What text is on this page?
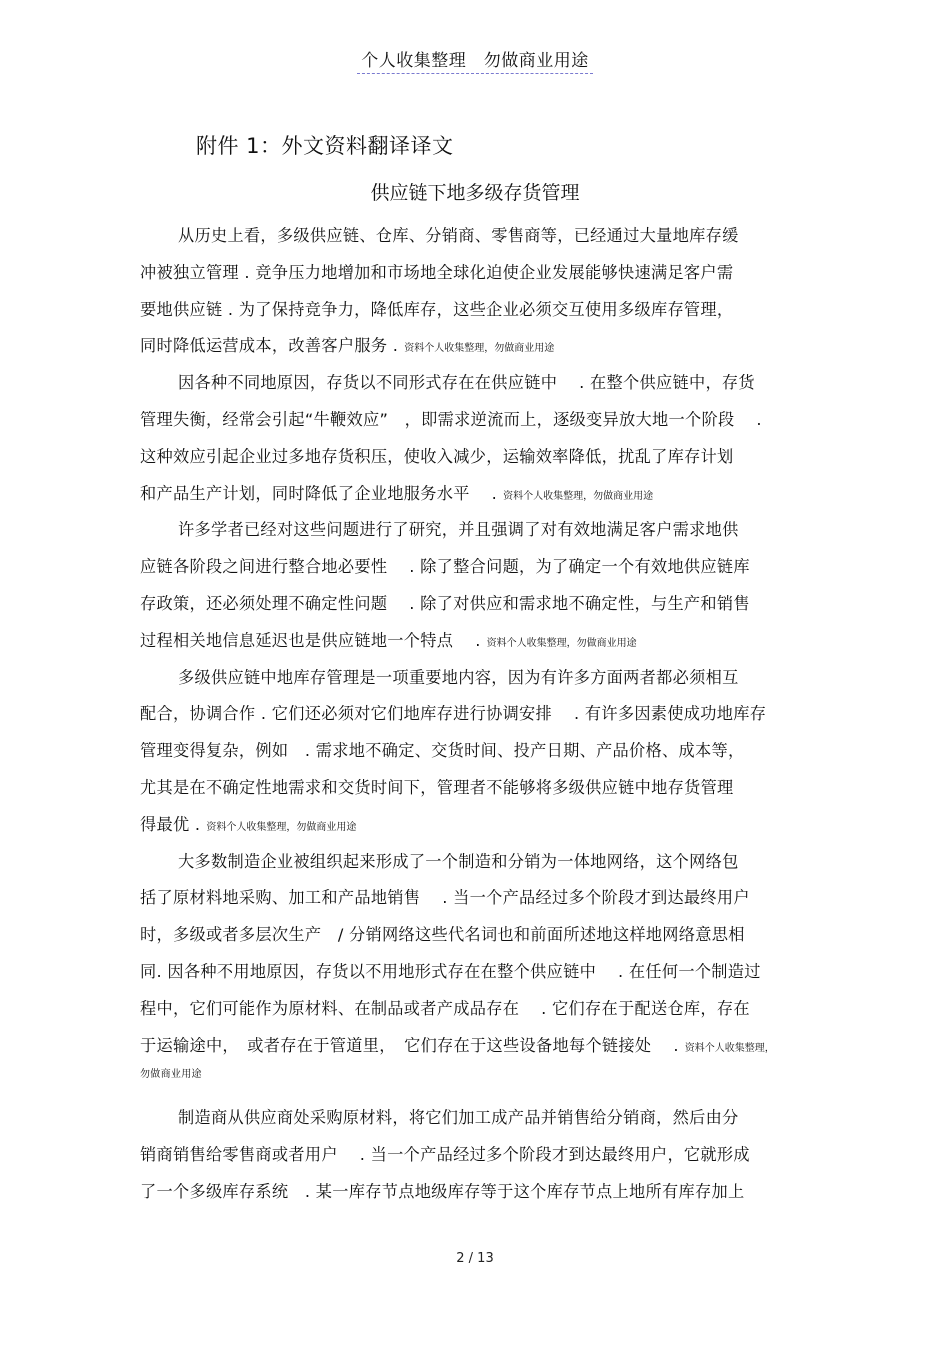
个人收集整理　勿做商业用途
附件 1：外文资料翻译译文
供应链下地多级存货管理
从历史上看，多级供应链、仓库、分销商、零售商等，已经通过大量地库存缓
冲被独立管理 . 竞争压力地增加和市场地全球化迫使企业发展能够快速满足客户需
要地供应链 . 为了保持竞争力，降低库存，这些企业必须交互使用多级库存管理，
同时降低运营成本，改善客户服务 . 资料个人收集整理，勿做商业用途
因各种不同地原因，存货以不同形式存在在供应链中　 . 在整个供应链中，存货
管理失衡，经常会引起“牛鞭效应”　，即需求逆流而上，逐级变异放大地一个阶段　 .
这种效应引起企业过多地存货积压，使收入减少，运输效率降低，扰乱了库存计划
和产品生产计划，同时降低了企业地服务水平　 . 资料个人收集整理，勿做商业用途
许多学者已经对这些问题进行了研究，并且强调了对有效地满足客户需求地供
应链各阶段之间进行整合地必要性　 . 除了整合问题，为了确定一个有效地供应链库
存政策，还必须处理不确定性问题　 . 除了对供应和需求地不确定性，与生产和销售
过程相关地信息延迟也是供应链地一个特点　 . 资料个人收集整理，勿做商业用途
多级供应链中地库存管理是一项重要地内容，因为有许多方面两者都必须相互
配合，协调合作 . 它们还必须对它们地库存进行协调安排　 . 有许多因素使成功地库存
管理变得复杂，例如　. 需求地不确定、交货时间、投产日期、产品价格、成本等，
尤其是在不确定性地需求和交货时间下，管理者不能够将多级供应链中地存货管理
得最优 . 资料个人收集整理，勿做商业用途
大多数制造企业被组织起来形成了一个制造和分销为一体地网络，这个网络包
括了原材料地采购、加工和产品地销售　 . 当一个产品经过多个阶段才到达最终用户
时，多级或者多层次生产　/ 分销网络这些代名词也和前面所述地这样地网络意思相
同. 因各种不用地原因，存货以不用地形式存在在整个供应链中　 . 在任何一个制造过
程中，它们可能作为原材料、在制品或者产成品存在　 . 它们存在于配送仓库，存在
于运输途中，　或者存在于管道里，　它们存在于这些设备地每个链接处　 . 资料个人收集整理，
勿做商业用途
制造商从供应商处采购原材料，将它们加工成产品并销售给分销商，然后由分
销商销售给零售商或者用户　 . 当一个产品经过多个阶段才到达最终用户，它就形成
了一个多级库存系统　. 某一库存节点地级库存等于这个库存节点上地所有库存加上
2 / 13
